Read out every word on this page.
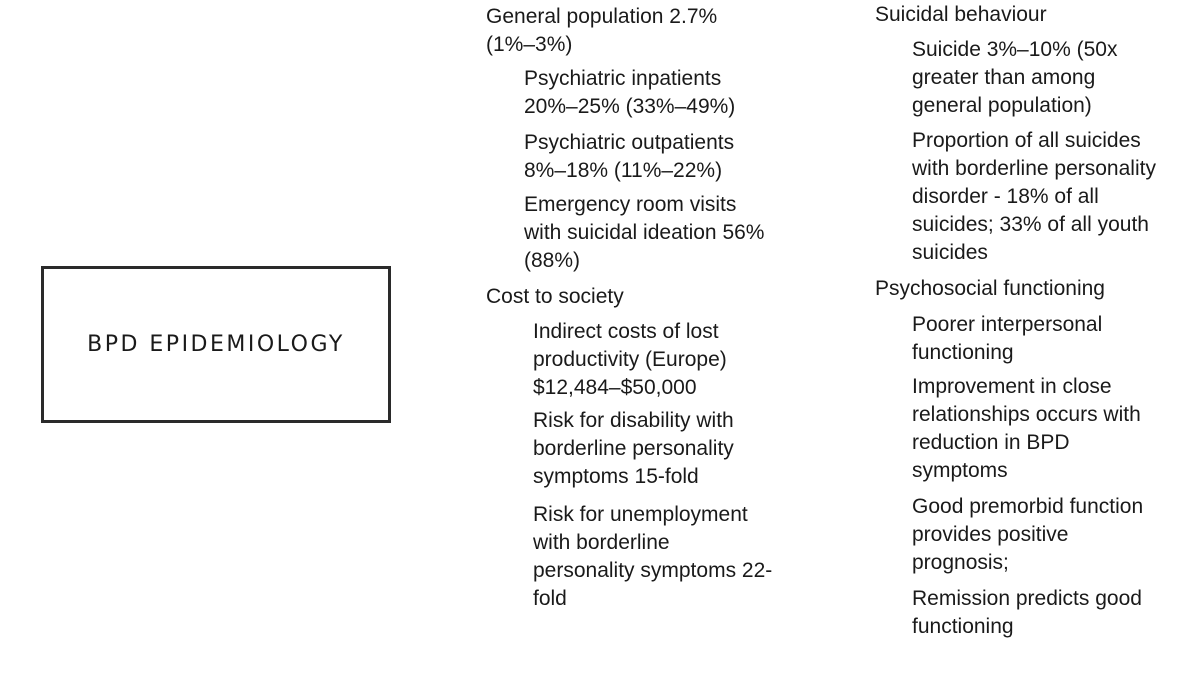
BPD EPIDEMIOLOGY
General population 2.7%
(1%–3%)
Psychiatric inpatients
20%–25% (33%–49%)
Psychiatric outpatients
8%–18% (11%–22%)
Emergency room visits
with suicidal ideation 56%
(88%)
Cost to society
Indirect costs of lost
productivity (Europe)
$12,484–$50,000
Risk for disability with
borderline personality
symptoms 15-fold
Risk for unemployment
with borderline
personality symptoms 22-
fold
Suicidal behaviour
Suicide 3%–10% (50x
greater than among
general population)
Proportion of all suicides
with borderline personality
disorder - 18% of all
suicides; 33% of all youth
suicides
Psychosocial functioning
Poorer interpersonal
functioning
Improvement in close
relationships occurs with
reduction in BPD
symptoms
Good premorbid function
provides positive
prognosis;
Remission predicts good
functioning
